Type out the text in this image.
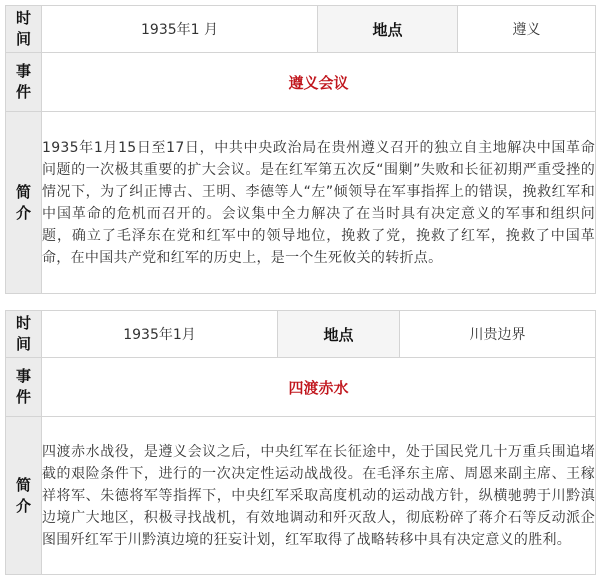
时间	1935年1 月	地点	遵义
事件	遵义会议		
简介	1935年1月15日至17日，中共中央政治局在贵州遵义召开的独立自主地解决中国革命问题的一次极其重要的扩大会议。是在红军第五次反“围剿”失败和长征初期严重受挫的情况下，为了纠正博古、王明、李德等人“左”倾领导在军事指挥上的错误，挽救红军和中国革命的危机而召开的。会议集中全力解决了在当时具有决定意义的军事和组织问题，确立了毛泽东在党和红军中的领导地位，挽救了党，挽救了红军，挽救了中国革命，在中国共产党和红军的历史上，是一个生死攸关的转折点。		
时间	1935年1月	地点	川贵边界
事件	四渡赤水		
简介	四渡赤水战役，是遵义会议之后，中央红军在长征途中，处于国民党几十万重兵围追堵截的艰险条件下，进行的一次决定性运动战战役。在毛泽东主席、周恩来副主席、王稼祥将军、朱德将军等指挥下，中央红军采取高度机动的运动战方针，纵横驰骋于川黔滇边境广大地区，积极寻找战机，有效地调动和歼灭敌人，彻底粉碎了蒋介石等反动派企图围歼红军于川黔滇边境的狂妄计划，红军取得了战略转移中具有决定意义的胜利。		
